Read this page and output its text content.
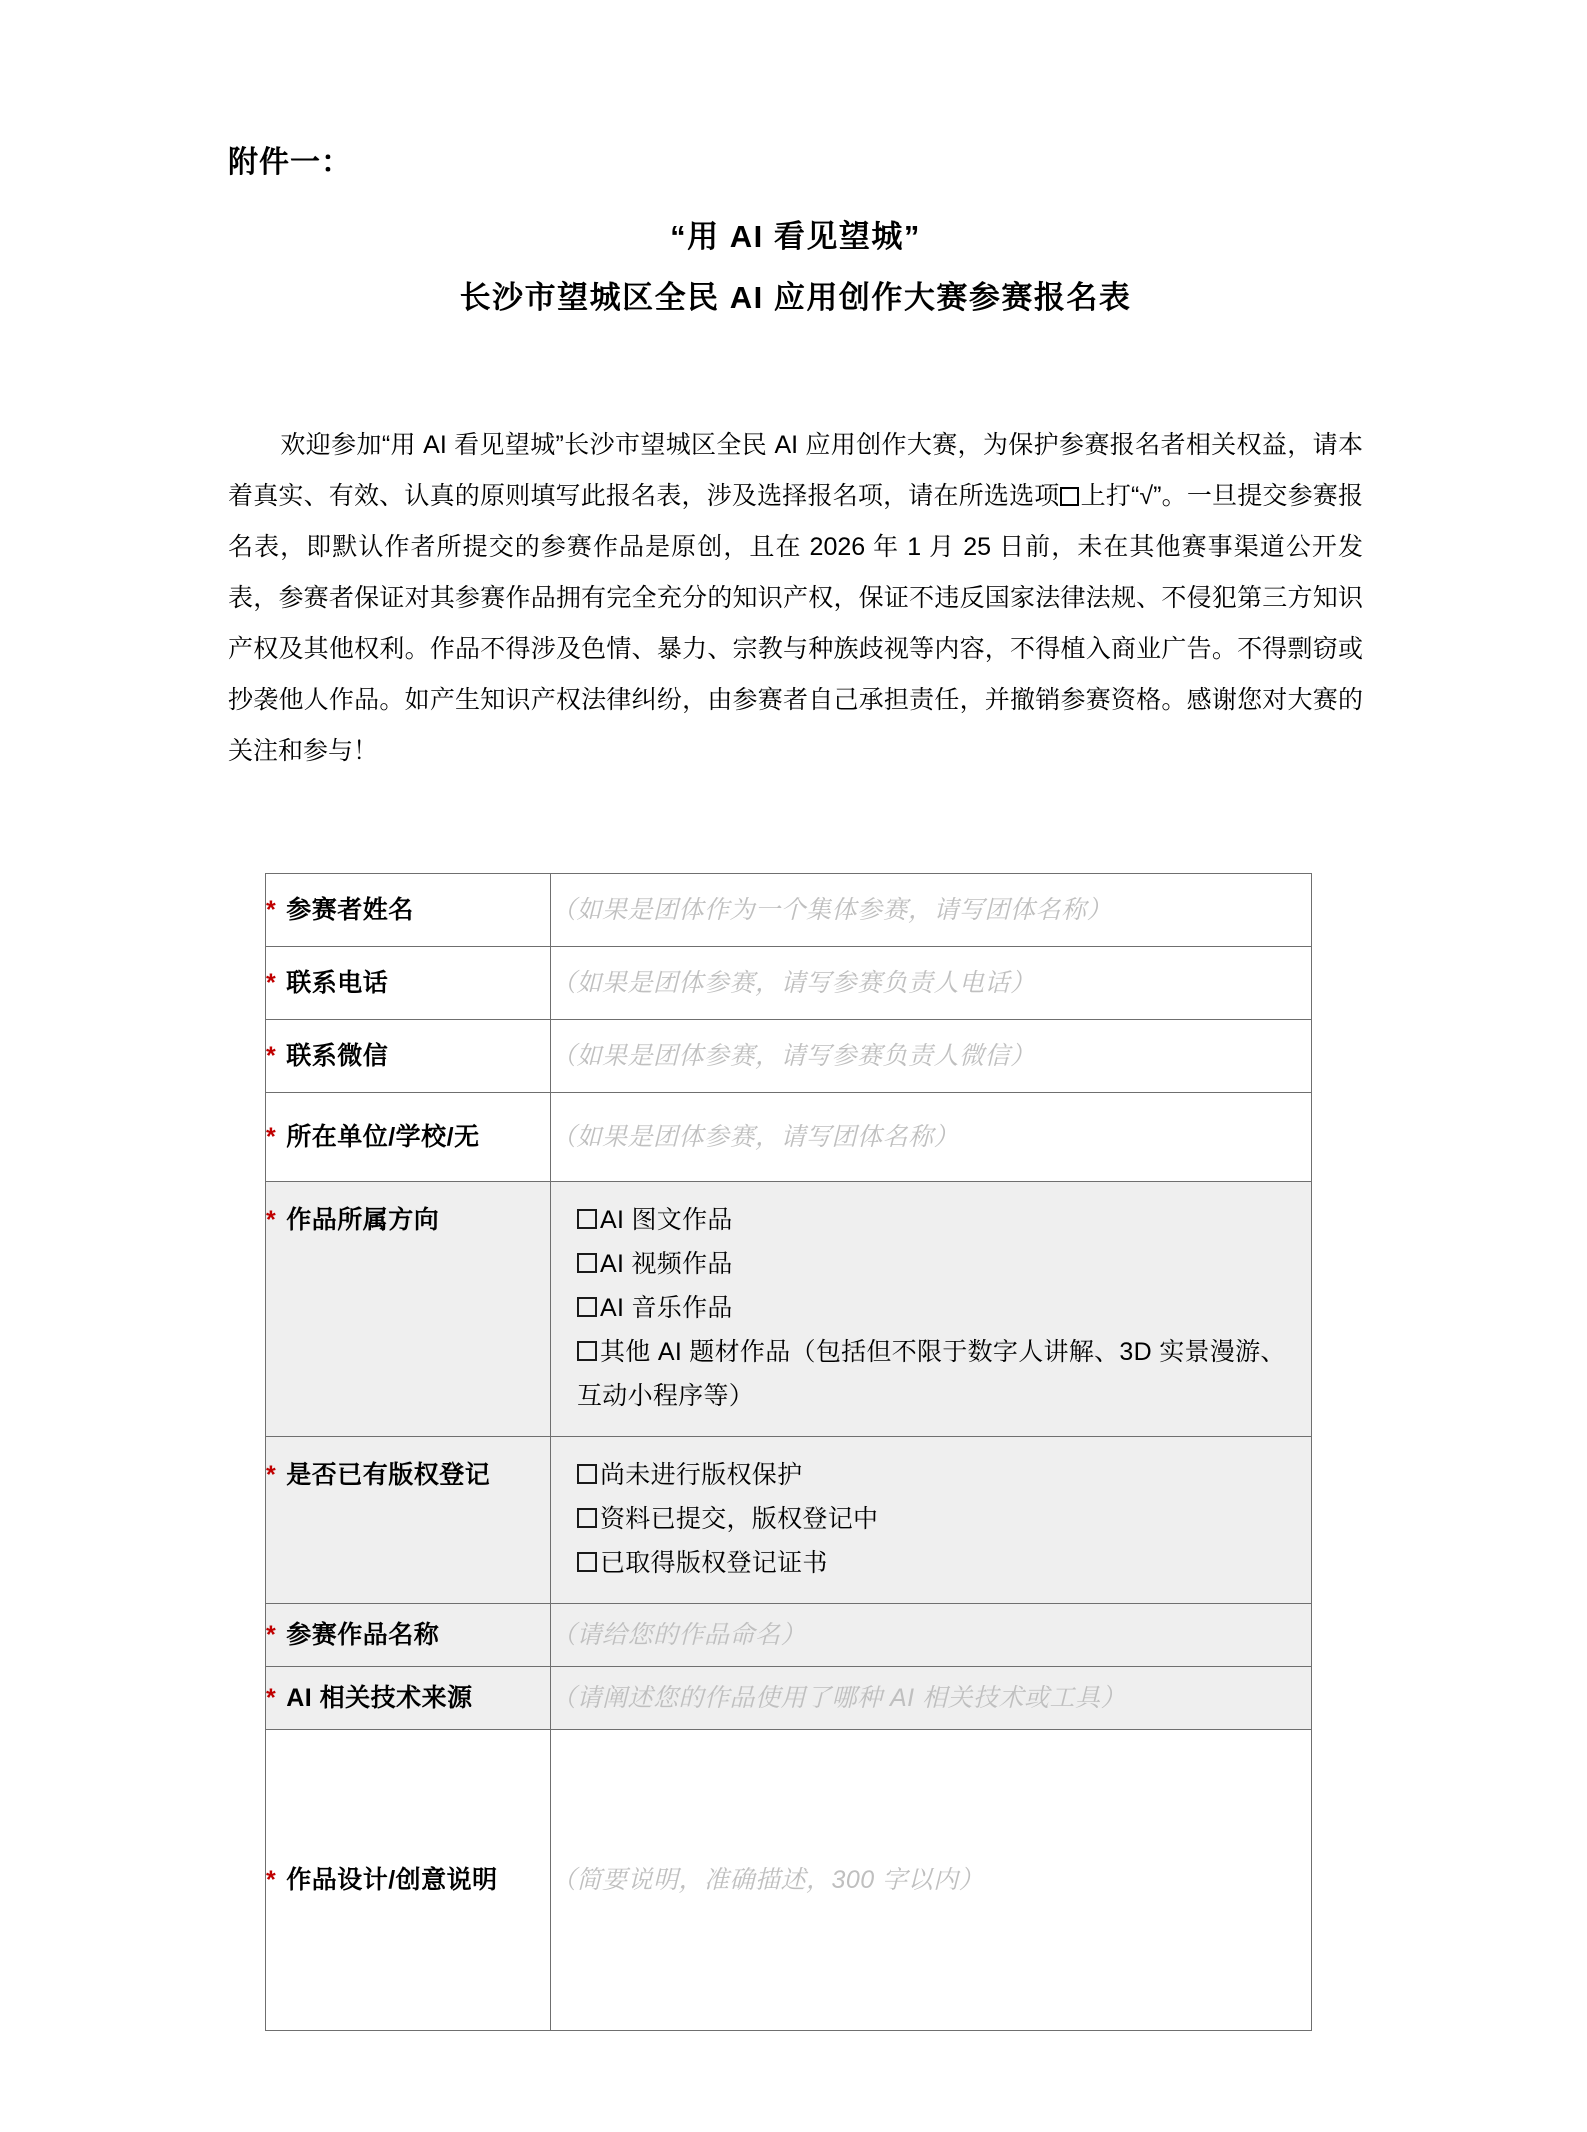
附件一：
“用 AI 看见望城”
长沙市望城区全民 AI 应用创作大赛参赛报名表
欢迎参加“用 AI 看见望城”长沙市望城区全民 AI 应用创作大赛，为保护参赛报名者相关权益，请本着真实、有效、认真的原则填写此报名表，涉及选择报名项，请在所选选项 上打“√”。一旦提交参赛报名表，即默认作者所提交的参赛作品是原创，且在 2026 年 1 月 25 日前，未在其他赛事渠道公开发表，参赛者保证对其参赛作品拥有完全充分的知识产权，保证不违反国家法律法规、不侵犯第三方知识产权及其他权利。作品不得涉及色情、暴力、宗教与种族歧视等内容，不得植入商业广告。不得剽窃或抄袭他人作品。如产生知识产权法律纠纷，由参赛者自己承担责任，并撤销参赛资格。感谢您对大赛的关注和参与！
* 参赛者姓名	（如果是团体作为一个集体参赛，请写团体名称）
* 联系电话	（如果是团体参赛，请写参赛负责人电话）
* 联系微信	（如果是团体参赛，请写参赛负责人微信）
* 所在单位/学校/无	（如果是团体参赛，请写团体名称）
* 作品所属方向	AI 图文作品
AI 视频作品
AI 音乐作品
其他 AI 题材作品（包括但不限于数字人讲解、3D 实景漫游、互动小程序等）

* 是否已有版权登记	尚未进行版权保护
资料已提交，版权登记中
已取得版权登记证书

* 参赛作品名称	（请给您的作品命名）
* AI 相关技术来源	（请阐述您的作品使用了哪种 AI 相关技术或工具）
* 作品设计/创意说明	（简要说明，准确描述，300 字以内）
